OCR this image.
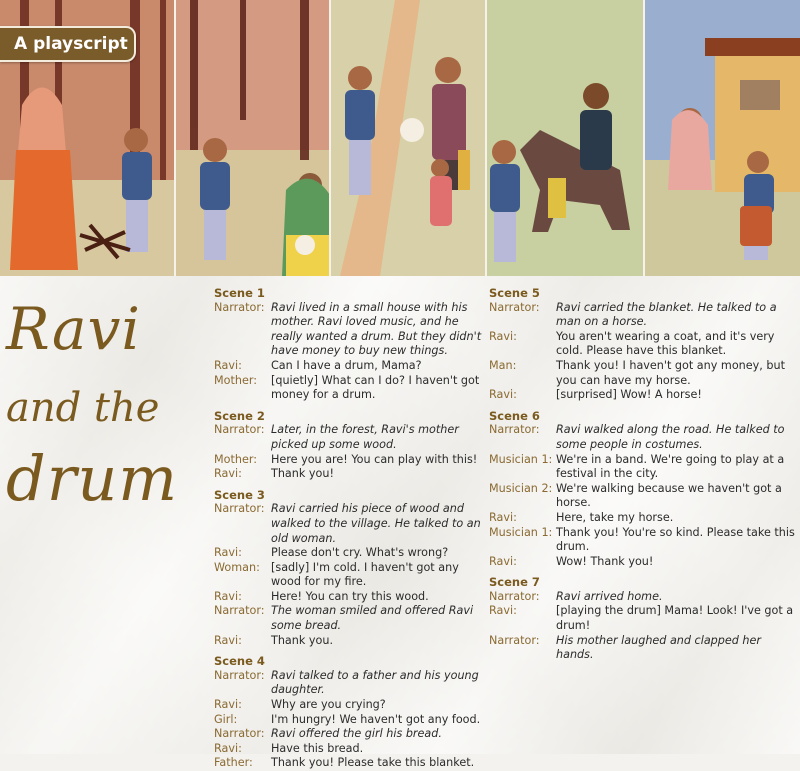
A playscript
Ravi
and the
drum
Scene 1
Narrator: Ravi lived in a small house with his mother. Ravi loved music, and he really wanted a drum. But they didn't have money to buy new things.
Ravi:	Can I have a drum, Mama?
Mother:	[quietly] What can I do? I haven't got money for a drum.
Scene 2
Narrator: Later, in the forest, Ravi's mother picked up some wood.
Mother:	Here you are! You can play with this!
Ravi:	Thank you!
Scene 3
Narrator: Ravi carried his piece of wood and walked to the village. He talked to an old woman.
Ravi:	Please don't cry. What's wrong?
Woman: [sadly] I'm cold. I haven't got any wood for my fire.
Ravi:	Here! You can try this wood.
Narrator: The woman smiled and offered Ravi some bread.
Ravi:	Thank you.
Scene 4
Narrator: Ravi talked to a father and his young daughter.
Ravi:	Why are you crying?
Girl:	I'm hungry! We haven't got any food.
Narrator: Ravi offered the girl his bread.
Ravi:	Have this bread.
Father:	Thank you! Please take this blanket.
Scene 5
Narrator:	Ravi carried the blanket. He talked to a man on a horse.
Ravi:	You aren't wearing a coat, and it's very cold. Please have this blanket.
Man:	Thank you! I haven't got any money, but you can have my horse.
Ravi:	[surprised] Wow! A horse!
Scene 6
Narrator:	Ravi walked along the road. He talked to some people in costumes.
Musician 1: We're in a band. We're going to play at a festival in the city.
Musician 2: We're walking because we haven't got a horse.
Ravi:	Here, take my horse.
Musician 1: Thank you! You're so kind. Please take this drum.
Ravi:	Wow! Thank you!
Scene 7
Narrator:	Ravi arrived home.
Ravi:	[playing the drum] Mama! Look! I've got a drum!
Narrator:	His mother laughed and clapped her hands.
